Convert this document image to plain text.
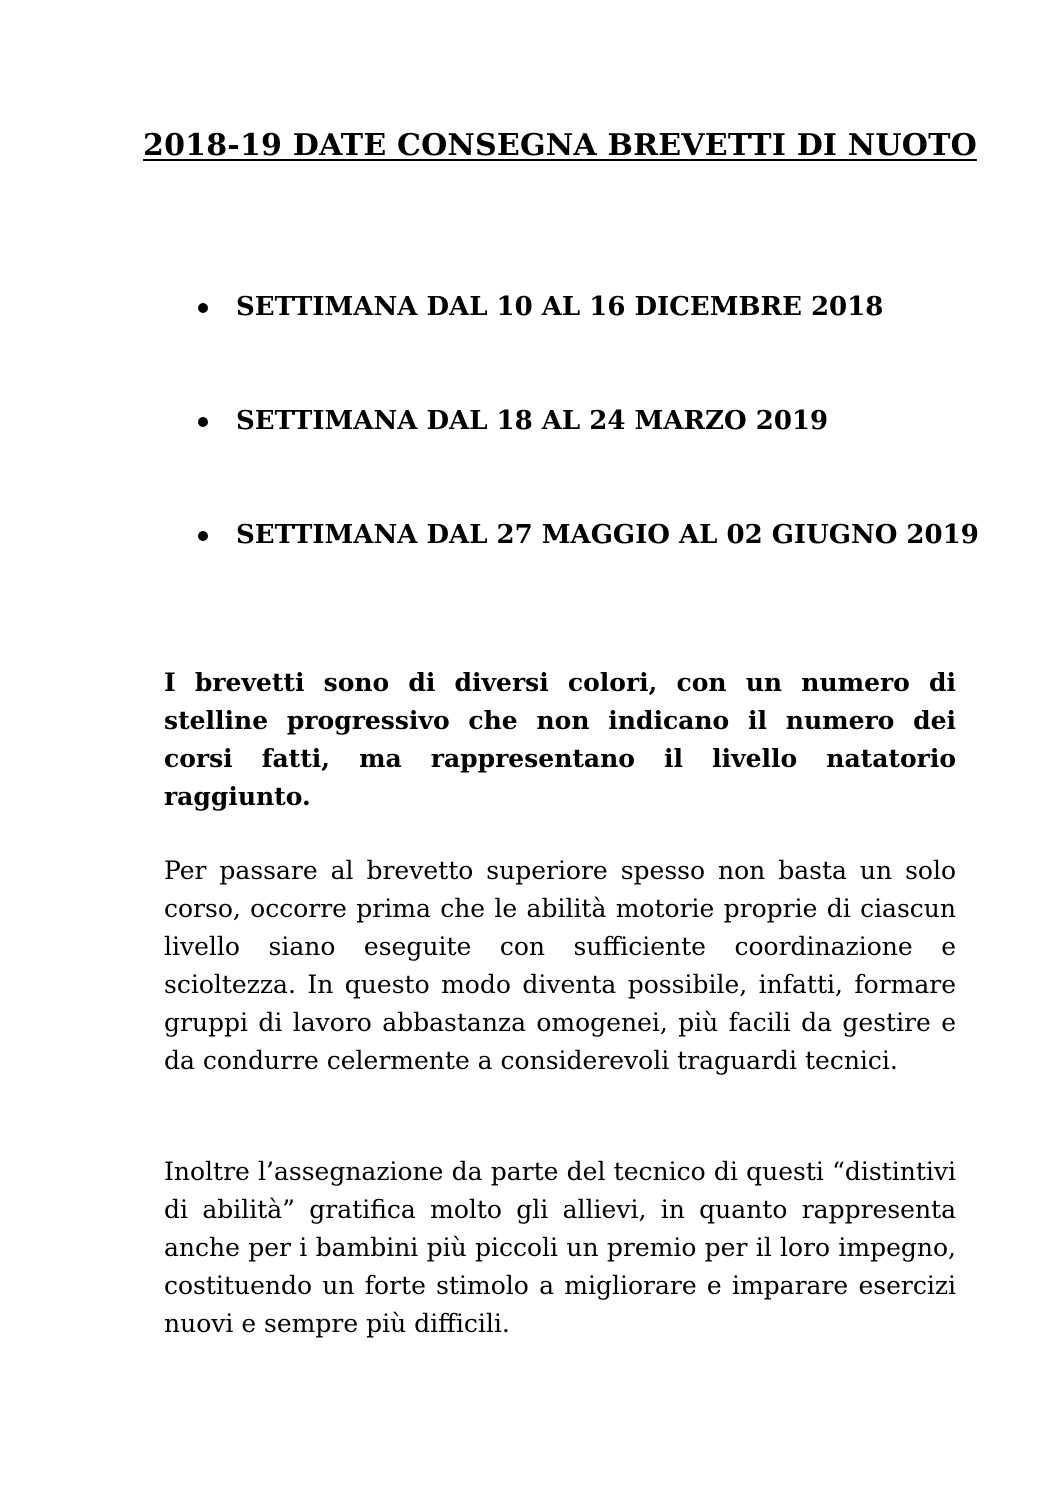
2018-19 DATE CONSEGNA BREVETTI DI NUOTO
SETTIMANA DAL 10 AL 16 DICEMBRE 2018
SETTIMANA DAL 18 AL 24 MARZO 2019
SETTIMANA DAL 27 MAGGIO AL 02 GIUGNO 2019

I brevetti sono di diversi colori, con un numero di stelline progressivo che non indicano il numero dei corsi fatti, ma rappresentano il livello natatorio raggiunto.

Per passare al brevetto superiore spesso non basta un solo corso, occorre prima che le abilità motorie proprie di ciascun livello siano eseguite con sufficiente coordinazione e scioltezza. In questo modo diventa possibile, infatti, formare gruppi di lavoro abbastanza omogenei, più facili da gestire e da condurre celermente a considerevoli traguardi tecnici.

Inoltre l’assegnazione da parte del tecnico di questi “distintivi di abilità” gratifica molto gli allievi, in quanto rappresenta anche per i bambini più piccoli un premio per il loro impegno, costituendo un forte stimolo a migliorare e imparare esercizi nuovi e sempre più difficili.
